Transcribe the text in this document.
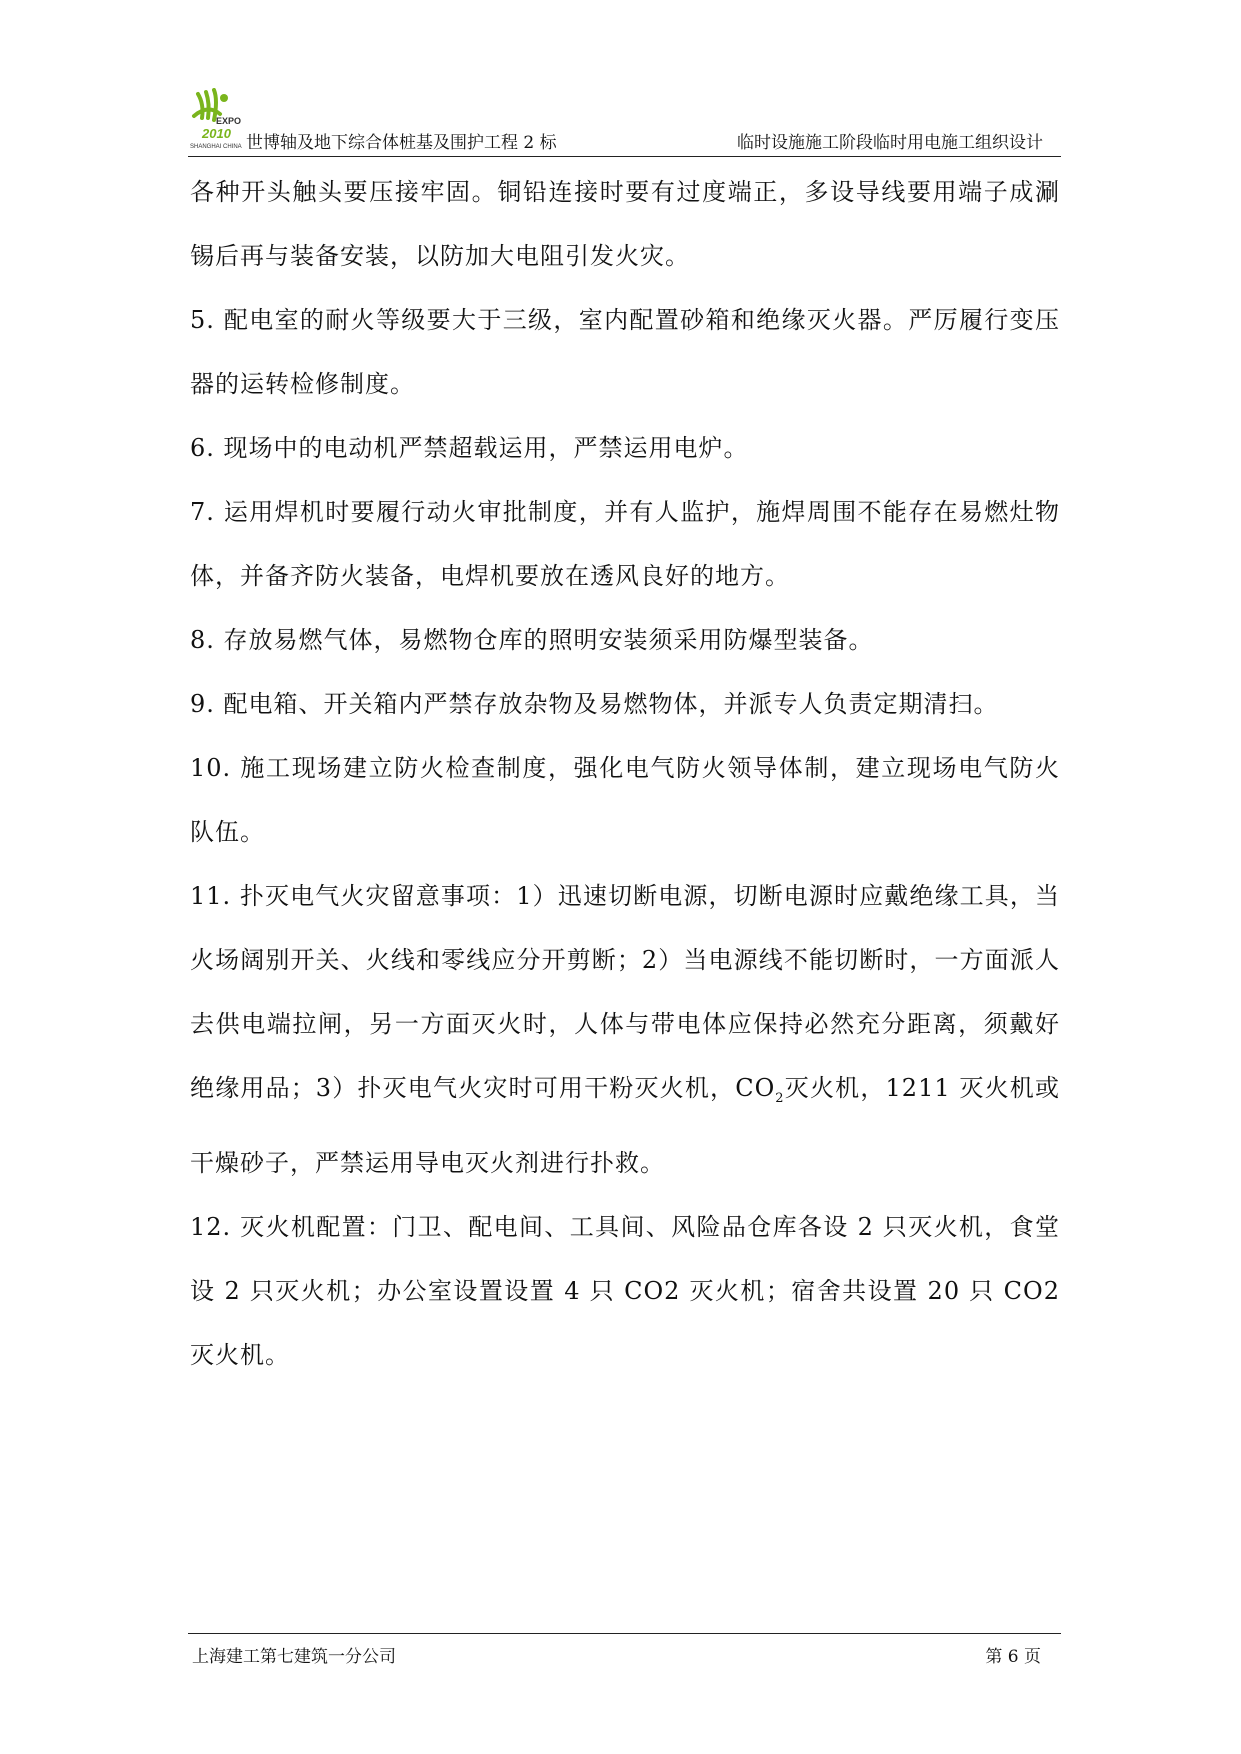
EXPO
2010
SHANGHAI CHINA 世博轴及地下综合体桩基及围护工程 2 标	临时设施施工阶段临时用电施工组织设计

各种开头触头要压接牢固。铜铅连接时要有过度端正，多设导线要用端子成涮锡后再与装备安装，以防加大电阻引发火灾。

5. 配电室的耐火等级要大于三级，室内配置砂箱和绝缘灭火器。严厉履行变压器的运转检修制度。

6. 现场中的电动机严禁超载运用，严禁运用电炉。

7. 运用焊机时要履行动火审批制度，并有人监护，施焊周围不能存在易燃灶物体，并备齐防火装备，电焊机要放在透风良好的地方。

8. 存放易燃气体，易燃物仓库的照明安装须采用防爆型装备。

9. 配电箱、开关箱内严禁存放杂物及易燃物体，并派专人负责定期清扫。

10. 施工现场建立防火检查制度，强化电气防火领导体制，建立现场电气防火队伍。

11. 扑灭电气火灾留意事项：1）迅速切断电源，切断电源时应戴绝缘工具，当火场阔别开关、火线和零线应分开剪断；2）当电源线不能切断时，一方面派人去供电端拉闸，另一方面灭火时，人体与带电体应保持必然充分距离，须戴好绝缘用品；3）扑灭电气火灾时可用干粉灭火机，$CO_2$灭火机，1211 灭火机或干燥砂子，严禁运用导电灭火剂进行扑救。

12. 灭火机配置：门卫、配电间、工具间、风险品仓库各设 2 只灭火机，食堂设 2 只灭火机；办公室设置设置 4 只 CO2 灭火机；宿舍共设置 20 只 CO2 灭火机。

上海建工第七建筑一分公司	第 6 页
